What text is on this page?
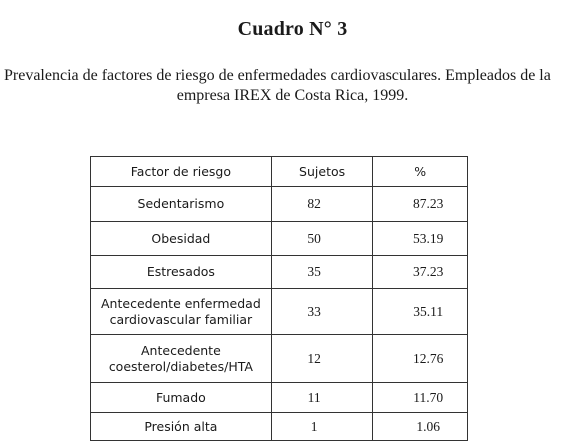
Cuadro N° 3
Prevalencia de factores de riesgo de enfermedades cardiovasculares. Empleados de la
empresa IREX de Costa Rica, 1999.
Factor de riesgo	Sujetos	%
Sedentarismo	82	87.23
Obesidad	50	53.19
Estresados	35	37.23
Antecedente enfermedad
cardiovascular familiar	33	35.11
Antecedente
coesterol/diabetes/HTA	12	12.76
Fumado	11	11.70
Presión alta	1	1.06
